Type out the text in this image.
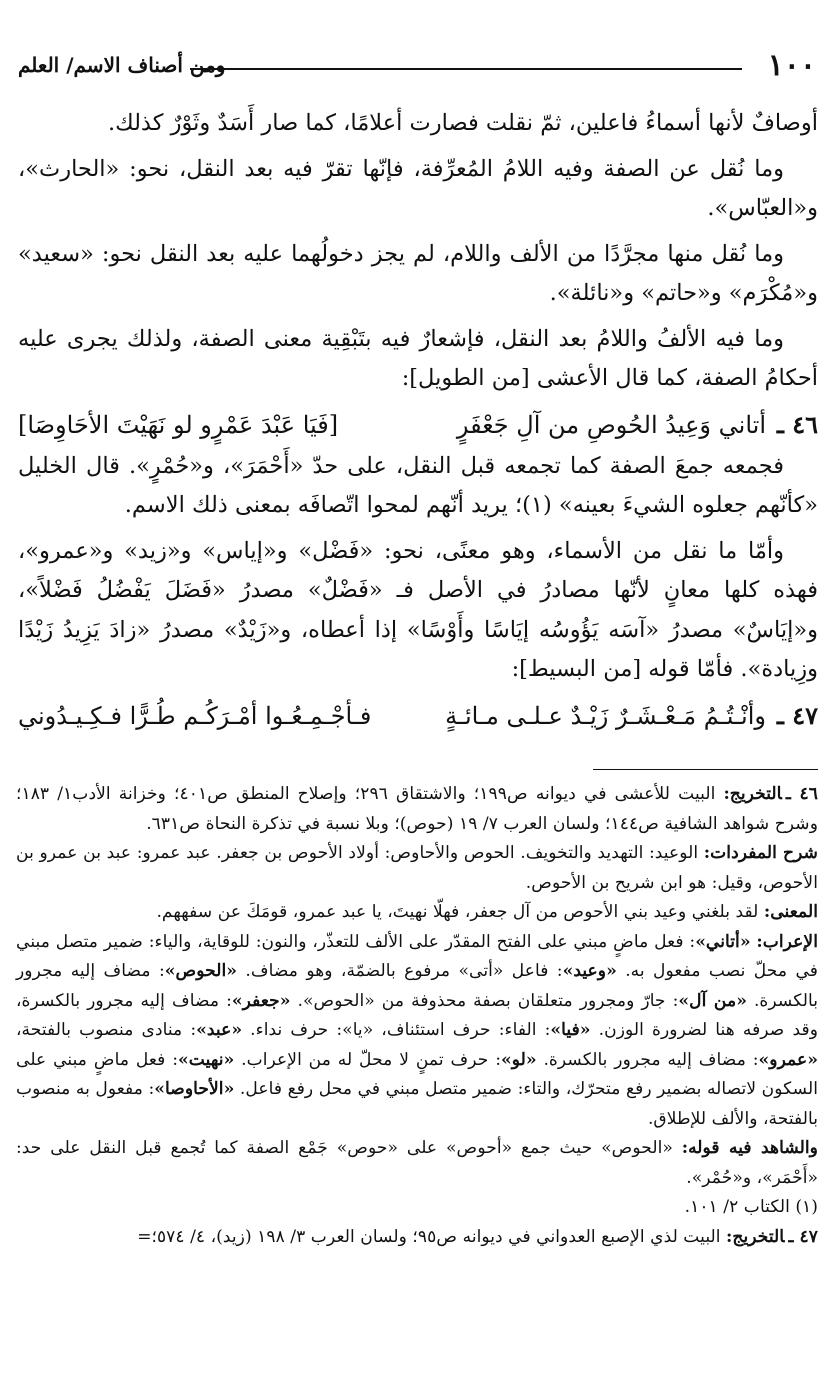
١٠٠
ومن أصناف الاسم/ العلم

أوصافٌ لأنها أسماءُ فاعلين، ثمّ نقلت فصارت أعلامًا، كما صار أَسَدٌ وثَوْرٌ كذلك.

وما نُقل عن الصفة وفيه اللامُ المُعرِّفة، فإنّها تقرّ فيه بعد النقل، نحو: «الحارث»، و«العبّاس».

وما نُقل منها مجرَّدًا من الألف واللام، لم يجز دخولُهما عليه بعد النقل نحو: «سعيد» و«مُكْرَم» و«حاتم» و«نائلة».

وما فيه الألفُ واللامُ بعد النقل، فإشعارٌ فيه بتَبْقِية معنى الصفة، ولذلك يجرى عليه أحكامُ الصفة، كما قال الأعشى [من الطويل]:

٤٦ ـ
أتاني وَعِيدُ الحُوصِ من آلِ جَعْفَرٍ
[فَيَا عَبْدَ عَمْرٍو لو نَهَيْتَ الأحَاوِصَا]

فجمعه جمعَ الصفة كما تجمعه قبل النقل، على حدّ «أَحْمَرَ»، و«حُمْرٍ». قال الخليل «كأنّهم جعلوه الشيءَ بعينه» (١)؛ يريد أنّهم لمحوا اتّصافَه بمعنى ذلك الاسم.

وأمّا ما نقل من الأسماء، وهو معنًى، نحو: «فَضْل» و«إياس» و«زيد» و«عمرو»، فهذه كلها معانٍ لأنّها مصادرُ في الأصل فـ «فَضْلٌ» مصدرُ «فَضَلَ يَفْضُلُ فَضْلاً»، و«إيَاسٌ» مصدرُ «آسَه يَؤُوسُه إيَاسًا وأَوْسًا» إذا أعطاه، و«زَيْدٌ» مصدرُ «زادَ يَزِيدُ زَيْدًا وزِيادة». فأمّا قوله [من البسيط]:

٤٧ ـ
وأنْـتُـمُ مَـعْـشَـرٌ زَيْـدٌ عـلـى مـائـةٍ
فـأجْـمِـعُـوا أمْـرَكُـم طُـرًّا فـكِـيـدُوني

٤٦ ـالتخريج: البيت للأعشى في ديوانه ص١٩٩؛ والاشتقاق ٢٩٦؛ وإصلاح المنطق ص٤٠١؛ وخزانة الأدب١/ ١٨٣؛ وشرح شواهد الشافية ص١٤٤؛ ولسان العرب ٧/ ١٩ (حوص)؛ وبلا نسبة في تذكرة النحاة ص٦٣١.

شرح المفردات: الوعيد: التهديد والتخويف. الحوص والأحاوص: أولاد الأحوص بن جعفر. عبد عمرو: عبد بن عمرو بن الأحوص، وقيل: هو ابن شريح بن الأحوص.

المعنى: لقد بلغني وعيد بني الأحوص من آل جعفر، فهلّا نهيتَ، يا عبد عمرو، قومَكَ عن سفههم.

الإعراب: «أتاني»: فعل ماضٍ مبني على الفتح المقدّر على الألف للتعذّر، والنون: للوقاية، والياء: ضمير متصل مبني في محلّ نصب مفعول به. «وعيد»: فاعل «أتى» مرفوع بالضمّة، وهو مضاف. «الحوص»: مضاف إليه مجرور بالكسرة. «من آل»: جارّ ومجرور متعلقان بصفة محذوفة من «الحوص». «جعفر»: مضاف إليه مجرور بالكسرة، وقد صرفه هنا لضرورة الوزن. «فيا»: الفاء: حرف استئناف، «يا»: حرف نداء. «عبد»: منادى منصوب بالفتحة، «عمرو»: مضاف إليه مجرور بالكسرة. «لو»: حرف تمنٍ لا محلّ له من الإعراب. «نهيت»: فعل ماضٍ مبني على السكون لاتصاله بضمير رفع متحرّك، والتاء: ضمير متصل مبني في محل رفع فاعل. «الأحاوصا»: مفعول به منصوب بالفتحة، والألف للإطلاق.

والشاهد فيه قوله: «الحوص» حيث جمع «أحوص» على «حوص» جَمْع الصفة كما تُجمع قبل النقل على حد: «أَحْمَر»، و«حُمْر».

(١) الكتاب ٢/ ١٠١.

٤٧ ـالتخريج: البيت لذي الإصبع العدواني في ديوانه ص٩٥؛ ولسان العرب ٣/ ١٩٨ (زيد)، ٤/ ٥٧٤؛=
